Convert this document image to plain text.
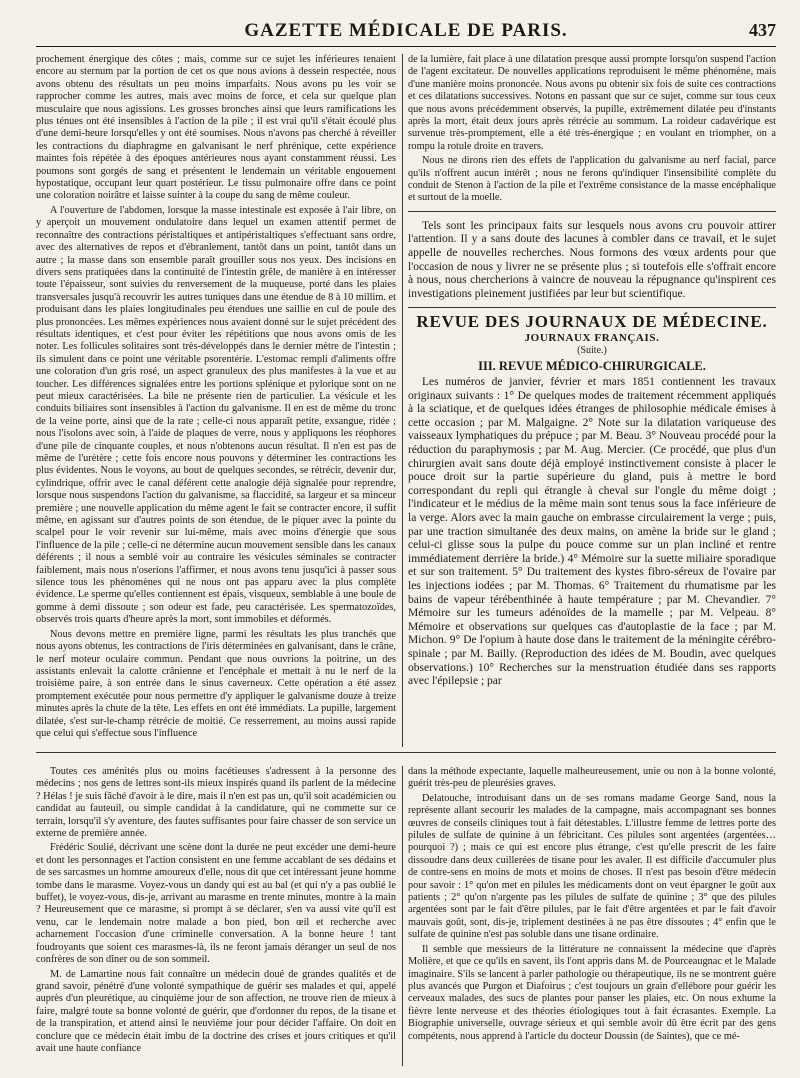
GAZETTE MÉDICALE DE PARIS.	437

prochement énergique des côtes ; mais, comme sur ce sujet les inférieures tenaient encore au sternum par la portion de cet os que nous avions à dessein respectée, nous avons obtenu des résultats un peu moins imparfaits. Nous avons pu les voir se rapprocher comme les autres, mais avec moins de force, et cela sur quelque plan musculaire que nous agissions. Les grosses bronches ainsi que leurs ramifications les plus ténues ont été insensibles à l'action de la pile ; il est vrai qu'il s'était écoulé plus d'une demi-heure lorsqu'elles y ont été soumises. Nous n'avons pas cherché à réveiller les contractions du diaphragme en galvanisant le nerf phrénique, cette expérience maintes fois répétée à des époques antérieures nous ayant constamment réussi. Les poumons sont gorgés de sang et présentent le lendemain un véritable engouement hypostatique, occupant leur quart postérieur. Le tissu pulmonaire offre dans ce point une coloration noirâtre et laisse suinter à la coupe du sang de même couleur.

A l'ouverture de l'abdomen, lorsque la masse intestinale est exposée à l'air libre, on y aperçoit un mouvement ondulatoire dans lequel un examen attentif permet de reconnaître des contractions péristaltiques et antipéristaltiques s'effectuant sans ordre, avec des alternatives de repos et d'ébranlement, tantôt dans un point, tantôt dans un autre ; la masse dans son ensemble paraît grouiller sous nos yeux. Des incisions en divers sens pratiquées dans la continuité de l'intestin grêle, de manière à en intéresser toute l'épaisseur, sont suivies du renversement de la muqueuse, porté dans les plaies transversales jusqu'à recouvrir les autres tuniques dans une étendue de 8 à 10 millim. et produisant dans les plaies longitudinales peu étendues une saillie en cul de poule des plus prononcées. Les mêmes expériences nous avaient donné sur le sujet précédent des résultats identiques, et c'est pour éviter les répétitions que nous avons omis de les noter. Les follicules solitaires sont très-développés dans le dernier mètre de l'intestin ; ils simulent dans ce point une véritable psorentérie. L'estomac rempli d'aliments offre une coloration d'un gris rosé, un aspect granuleux des plus manifestes à la vue et au toucher. Les différences signalées entre les portions splénique et pylorique sont on ne peut mieux caractérisées. La bile ne présente rien de particulier. La vésicule et les conduits biliaires sont insensibles à l'action du galvanisme. Il en est de même du tronc de la veine porte, ainsi que de la rate ; celle-ci nous apparaît petite, exsangue, ridée ; nous l'isolons avec soin, à l'aide de plaques de verre, nous y appliquons les réophores d'une pile de cinquante couples, et nous n'obtenons aucun résultat. Il n'en est pas de même de l'urètère ; cette fois encore nous pouvons y déterminer les contractions les plus évidentes. Nous le voyons, au bout de quelques secondes, se rétrécir, devenir dur, cylindrique, offrir avec le canal déférent cette analogie déjà signalée pour reprendre, lorsque nous suspendons l'action du galvanisme, sa flaccidité, sa largeur et sa minceur première ; une nouvelle application du même agent le fait se contracter encore, il suffit même, en agissant sur d'autres points de son étendue, de le piquer avec la pointe du scalpel pour le voir revenir sur lui-même, mais avec moins d'énergie que sous l'influence de la pile ; celle-ci ne détermine aucun mouvement sensible dans les canaux déférents ; il nous a semblé voir au contraire les vésicules séminales se contracter faiblement, mais nous n'oserions l'affirmer, et nous avons tenu jusqu'ici à passer sous silence tous les phénomènes qui ne nous ont pas apparu avec la plus complète évidence. Le sperme qu'elles contiennent est épais, visqueux, semblable à une boule de gomme à demi dissoute ; son odeur est fade, peu caractérisée. Les spermatozoïdes, observés trois quarts d'heure après la mort, sont immobiles et déformés.

Nous devons mettre en première ligne, parmi les résultats les plus tranchés que nous ayons obtenus, les contractions de l'iris déterminées en galvanisant, dans le crâne, le nerf moteur oculaire commun. Pendant que nous ouvrions la poitrine, un des assistants enlevait la calotte crânienne et l'encéphale et mettait à nu le nerf de la troisième paire, à son entrée dans le sinus caverneux. Cette opération a été assez promptement exécutée pour nous permettre d'y appliquer le galvanisme douze à treize minutes après la chute de la tête. Les effets en ont été immédiats. La pupille, largement dilatée, s'est sur-le-champ rétrécie de moitié. Ce resserrement, au moins aussi rapide que celui qui s'effectue sous l'influence

de la lumière, fait place à une dilatation presque aussi prompte lorsqu'on suspend l'action de l'agent excitateur. De nouvelles applications reproduisent le même phénomène, mais d'une manière moins prononcée. Nous avons pu obtenir six fois de suite ces contractions et ces dilatations successives. Notons en passant que sur ce sujet, comme sur tous ceux que nous avons précédemment observés, la pupille, extrêmement dilatée peu d'instants après la mort, était deux jours après rétrécie au sommum. La roideur cadavérique est survenue très-promptement, elle a été très-énergique ; en voulant en triompher, on a rompu la rotule droite en travers.

Nous ne dirons rien des effets de l'application du galvanisme au nerf facial, parce qu'ils n'offrent aucun intérêt ; nous ne ferons qu'indiquer l'insensibilité complète du conduit de Stenon à l'action de la pile et l'extrême consistance de la masse encéphalique et surtout de la moelle.

Tels sont les principaux faits sur lesquels nous avons cru pouvoir attirer l'attention. Il y a sans doute des lacunes à combler dans ce travail, et le sujet appelle de nouvelles recherches. Nous formons des vœux ardents pour que l'occasion de nous y livrer ne se présente plus ; si toutefois elle s'offrait encore à nous, nous chercherions à vaincre de nouveau la répugnance qu'inspirent ces investigations pleinement justifiées par leur but scientifique.

REVUE DES JOURNAUX DE MÉDECINE.
JOURNAUX FRANÇAIS.
(Suite.)
III. REVUE MÉDICO-CHIRURGICALE.

Les numéros de janvier, février et mars 1851 contiennent les travaux originaux suivants : 1° De quelques modes de traitement récemment appliqués à la sciatique, et de quelques idées étranges de philosophie médicale émises à cette occasion ; par M. Malgaigne. 2° Note sur la dilatation variqueuse des vaisseaux lymphatiques du prépuce ; par M. Beau. 3° Nouveau procédé pour la réduction du paraphymosis ; par M. Aug. Mercier. (Ce procédé, que plus d'un chirurgien avait sans doute déjà employé instinctivement consiste à placer le pouce droit sur la partie supérieure du gland, puis à mettre le bord correspondant du repli qui étrangle à cheval sur l'ongle du même doigt ; l'indicateur et le médius de la même main sont tenus sous la face inférieure de la verge. Alors avec la main gauche on embrasse circulairement la verge ; puis, par une traction simultanée des deux mains, on amène la bride sur le gland ; celui-ci glisse sous la pulpe du pouce comme sur un plan incliné et rentre immédiatement derrière la bride.) 4° Mémoire sur la suette miliaire sporadique et sur son traitement. 5° Du traitement des kystes fibro-séreux de l'ovaire par les injections iodées ; par M. Thomas. 6° Traitement du rhumatisme par les bains de vapeur térébenthinée à haute température ; par M. Chevandier. 7° Mémoire sur les tumeurs adénoïdes de la mamelle ; par M. Velpeau. 8° Mémoire et observations sur quelques cas d'autoplastie de la face ; par M. Michon. 9° De l'opium à haute dose dans le traitement de la méningite cérébro-spinale ; par M. Bailly. (Reproduction des idées de M. Boudin, avec quelques observations.) 10° Recherches sur la menstruation étudiée dans ses rapports avec l'épilepsie ; par

Toutes ces aménités plus ou moins facétieuses s'adressent à la personne des médecins ; nos gens de lettres sont-ils mieux inspirés quand ils parlent de la médecine ? Hélas ! je suis fâché d'avoir à le dire, mais il n'en est pas un, qu'il soit académicien ou candidat au fauteuil, ou simple candidat à la candidature, qui ne commette sur ce terrain, lorsqu'il s'y aventure, des fautes suffisantes pour faire chasser de son service un externe de première année.

Frédéric Soulié, décrivant une scène dont la durée ne peut excéder une demi-heure et dont les personnages et l'action consistent en une femme accablant de ses dédains et de ses sarcasmes un homme amoureux d'elle, nous dit que cet intéressant jeune homme tombe dans le marasme. Voyez-vous un dandy qui est au bal (et qui n'y a pas oublié le buffet), le voyez-vous, dis-je, arrivant au marasme en trente minutes, montre à la main ? Heureusement que ce marasme, si prompt à se déclarer, s'en va aussi vite qu'il est venu, car le lendemain notre malade a bon pied, bon œil et recherche avec acharnement l'occasion d'une criminelle conversation. A la bonne heure ! tant foudroyants que soient ces marasmes-là, ils ne feront jamais déranger un seul de nos confrères de son dîner ou de son sommeil.

M. de Lamartine nous fait connaître un médecin doué de grandes qualités et de grand savoir, pénétré d'une volonté sympathique de guérir ses malades et qui, appelé auprès d'un pleurétique, au cinquième jour de son affection, ne trouve rien de mieux à faire, malgré toute sa bonne volonté de guérir, que d'ordonner du repos, de la tisane et de la transpiration, et attend ainsi le neuvième jour pour décider l'affaire. On doit en conclure que ce médecin était imbu de la doctrine des crises et jours critiques et qu'il avait une haute confiance

dans la méthode expectante, laquelle malheureusement, unie ou non à la bonne volonté, guérit très-peu de pleurésies graves.

Delatouche, introduisant dans un de ses romans madame George Sand, nous la représente allant secourir les malades de la campagne, mais accompagnant ses bonnes œuvres de conseils cliniques tout à fait détestables. L'illustre femme de lettres porte des pilules de sulfate de quinine à un fébricitant. Ces pilules sont argentées (argentées… pourquoi ?) ; mais ce qui est encore plus étrange, c'est qu'elle prescrit de les faire dissoudre dans deux cuillerées de tisane pour les avaler. Il est difficile d'accumuler plus de contre-sens en moins de mots et moins de choses. Il n'est pas besoin d'être médecin pour savoir : 1° qu'on met en pilules les médicaments dont on veut épargner le goût aux patients ; 2° qu'on n'argente pas les pilules de sulfate de quinine ; 3° que des pilules argentées sont par le fait d'être pilules, par le fait d'être argentées et par le fait d'avoir mauvais goût, sont, dis-je, triplement destinées à ne pas être dissoutes ; 4° enfin que le sulfate de quinine n'est pas soluble dans une tisane ordinaire.

Il semble que messieurs de la littérature ne connaissent la médecine que d'après Molière, et que ce qu'ils en savent, ils l'ont appris dans M. de Pourceaugnac et le Malade imaginaire. S'ils se lancent à parler pathologie ou thérapeutique, ils ne se montrent guère plus avancés que Purgon et Diafoirus ; c'est toujours un grain d'ellébore pour guérir les cerveaux malades, des sucs de plantes pour panser les plaies, etc. On nous exhume la fièvre lente nerveuse et des théories étiologiques tout à fait écrasantes. Exemple. La Biographie universelle, ouvrage sérieux et qui semble avoir dû être écrit par des gens compétents, nous apprend à l'article du docteur Doussin (de Saintes), que ce mé-
